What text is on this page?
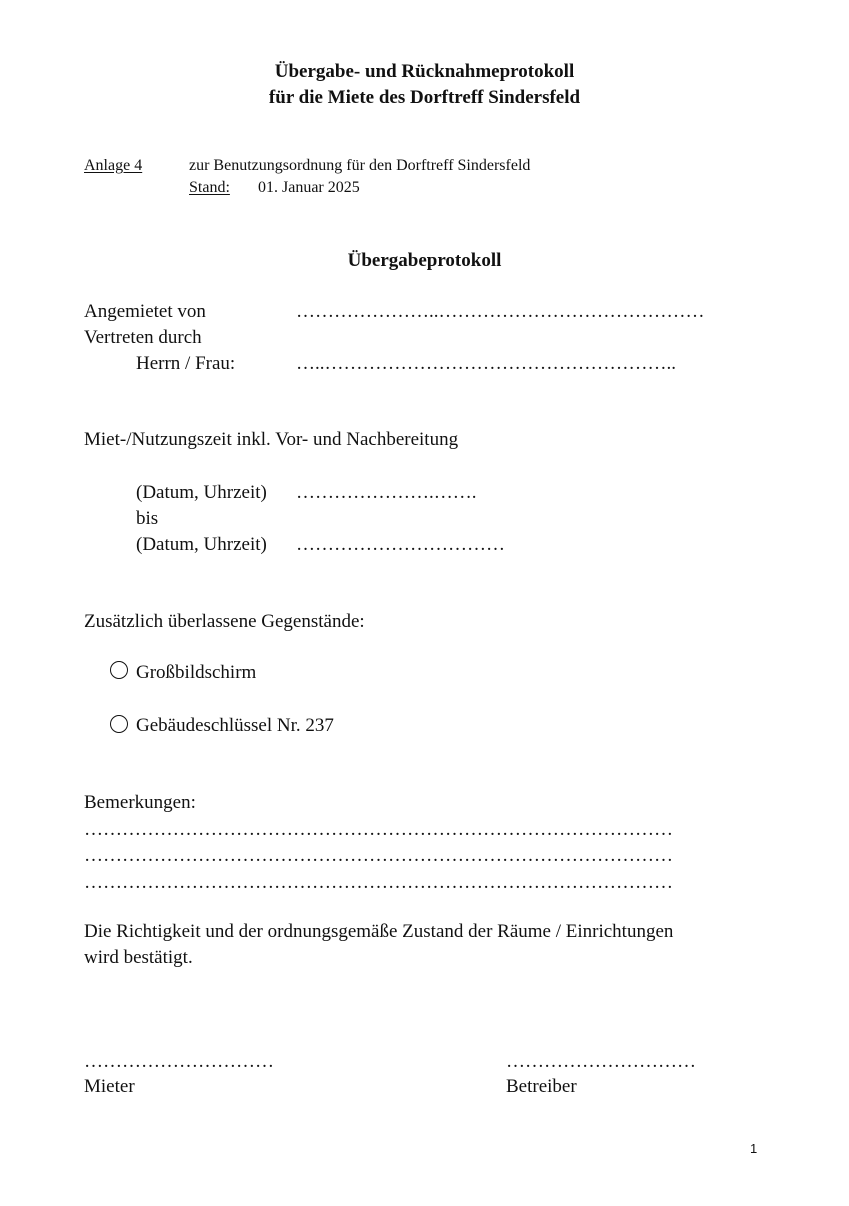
Übergabe- und Rücknahmeprotokoll
für die Miete des Dorftreff Sindersfeld
Anlage 4	zur Benutzungsordnung für den Dorftreff Sindersfeld
Stand: 01. Januar 2025
Übergabeprotokoll
Angemietet von	…………………..……………………………………
Vertreten durch
Herrn / Frau:	…..………………………………………………..
Miet-/Nutzungszeit inkl. Vor- und Nachbereitung
(Datum, Uhrzeit) ………………….…….
bis
(Datum, Uhrzeit) ……………………………
Zusätzlich überlassene Gegenstände:
Großbildschirm
Gebäudeschlüssel Nr. 237
Bemerkungen:
…………………………………………………………………………………
…………………………………………………………………………………
…………………………………………………………………………………
Die Richtigkeit und der ordnungsgemäße Zustand der Räume / Einrichtungen
wird bestätigt.
…………………………
Mieter
…………………………
Betreiber
1
